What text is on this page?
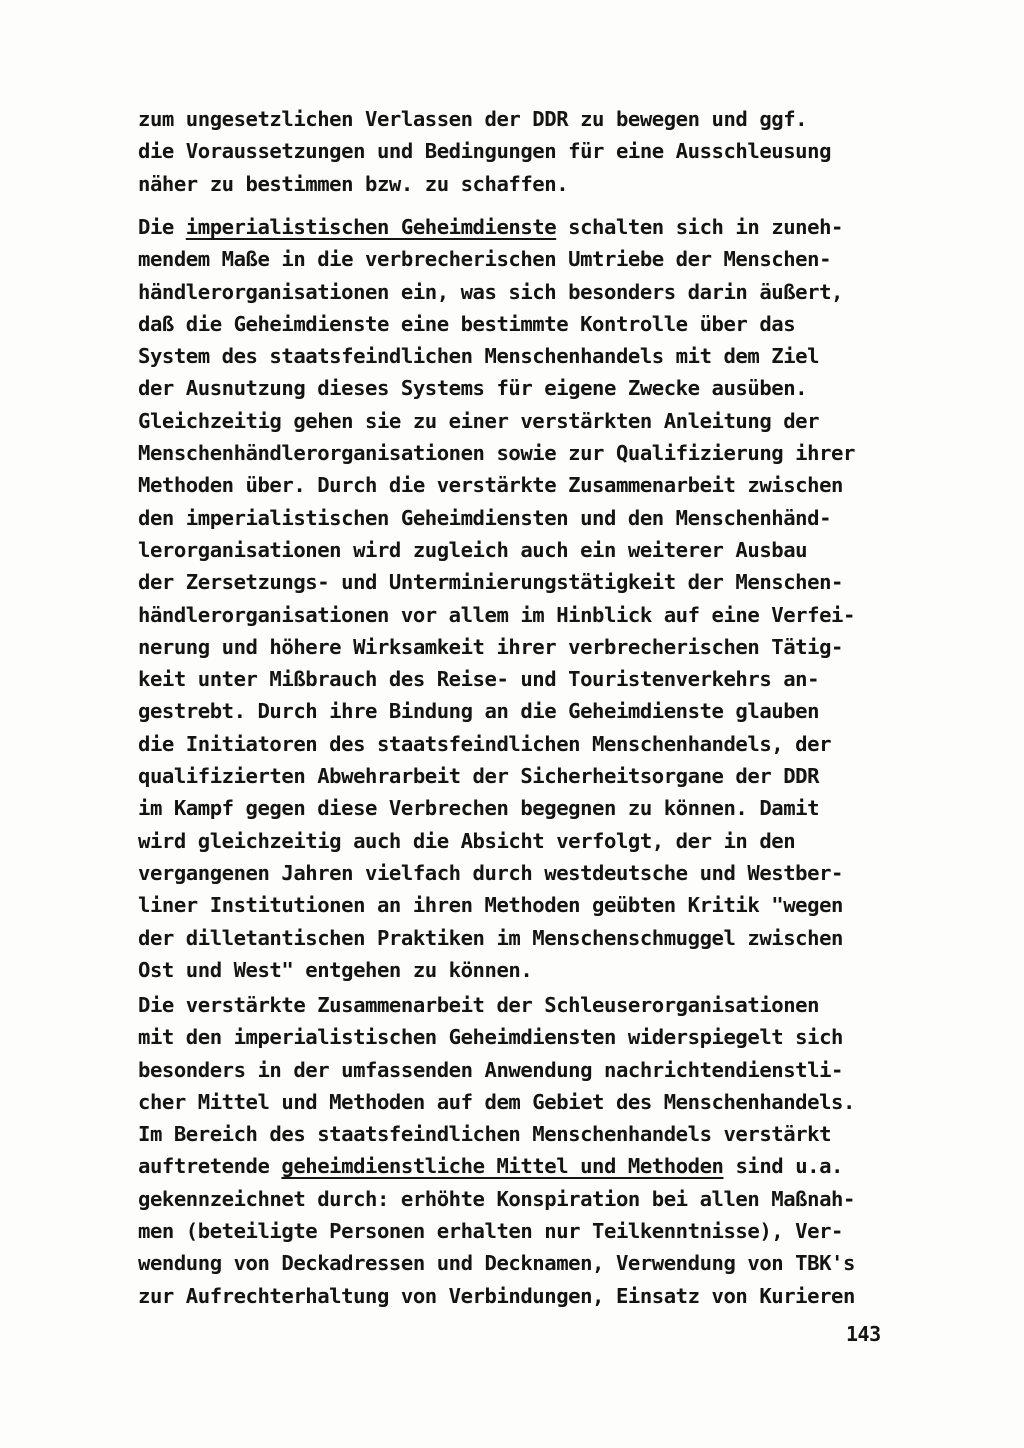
zum ungesetzlichen Verlassen der DDR zu bewegen und ggf.
die Voraussetzungen und Bedingungen für eine Ausschleusung
näher zu bestimmen bzw. zu schaffen.
Die imperialistischen Geheimdienste schalten sich in zuneh-
mendem Maße in die verbrecherischen Umtriebe der Menschen-
händlerorganisationen ein, was sich besonders darin äußert,
daß die Geheimdienste eine bestimmte Kontrolle über das
System des staatsfeindlichen Menschenhandels mit dem Ziel
der Ausnutzung dieses Systems für eigene Zwecke ausüben.
Gleichzeitig gehen sie zu einer verstärkten Anleitung der
Menschenhändlerorganisationen sowie zur Qualifizierung ihrer
Methoden über. Durch die verstärkte Zusammenarbeit zwischen
den imperialistischen Geheimdiensten und den Menschenhänd-
lerorganisationen wird zugleich auch ein weiterer Ausbau
der Zersetzungs- und Unterminierungstätigkeit der Menschen-
händlerorganisationen vor allem im Hinblick auf eine Verfei-
nerung und höhere Wirksamkeit ihrer verbrecherischen Tätig-
keit unter Mißbrauch des Reise- und Touristenverkehrs an-
gestrebt. Durch ihre Bindung an die Geheimdienste glauben
die Initiatoren des staatsfeindlichen Menschenhandels, der
qualifizierten Abwehrarbeit der Sicherheitsorgane der DDR
im Kampf gegen diese Verbrechen begegnen zu können. Damit
wird gleichzeitig auch die Absicht verfolgt, der in den
vergangenen Jahren vielfach durch westdeutsche und Westber-
liner Institutionen an ihren Methoden geübten Kritik "wegen
der dilletantischen Praktiken im Menschenschmuggel zwischen
Ost und West" entgehen zu können.
Die verstärkte Zusammenarbeit der Schleuserorganisationen
mit den imperialistischen Geheimdiensten widerspiegelt sich
besonders in der umfassenden Anwendung nachrichtendienstli-
cher Mittel und Methoden auf dem Gebiet des Menschenhandels.
Im Bereich des staatsfeindlichen Menschenhandels verstärkt
auftretende geheimdienstliche Mittel und Methoden sind u.a.
gekennzeichnet durch: erhöhte Konspiration bei allen Maßnah-
men (beteiligte Personen erhalten nur Teilkenntnisse), Ver-
wendung von Deckadressen und Decknamen, Verwendung von TBK's
zur Aufrechterhaltung von Verbindungen, Einsatz von Kurieren
143
